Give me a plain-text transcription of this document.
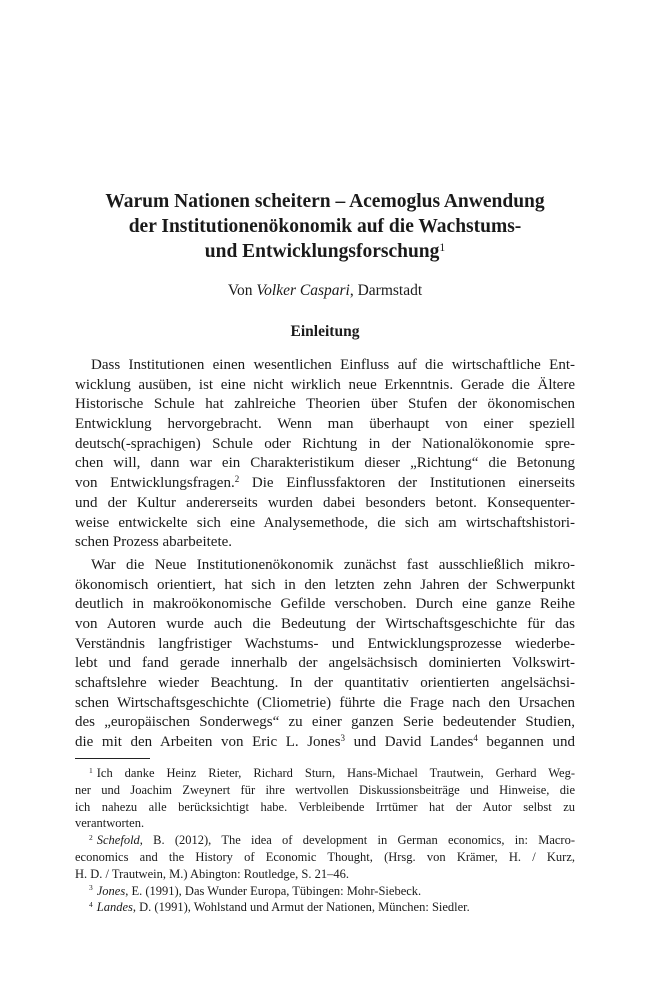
Warum Nationen scheitern – Acemoglus Anwendung
der Institutionenökonomik auf die Wachstums-
und Entwicklungsforschung$^1$
Von Volker Caspari, Darmstadt
Einleitung
Dass Institutionen einen wesentlichen Einfluss auf die wirtschaftliche Ent-
wicklung ausüben, ist eine nicht wirklich neue Erkenntnis. Gerade die Ältere
Historische Schule hat zahlreiche Theorien über Stufen der ökonomischen
Entwicklung hervorgebracht. Wenn man überhaupt von einer speziell
deutsch(-sprachigen) Schule oder Richtung in der Nationalökonomie spre-
chen will, dann war ein Charakteristikum dieser „Richtung“ die Betonung
von Entwicklungsfragen.$^2$ Die Einflussfaktoren der Institutionen einerseits
und der Kultur andererseits wurden dabei besonders betont. Konsequenter-
weise entwickelte sich eine Analysemethode, die sich am wirtschaftshistori-
schen Prozess abarbeitete.
War die Neue Institutionenökonomik zunächst fast ausschließlich mikro-
ökonomisch orientiert, hat sich in den letzten zehn Jahren der Schwerpunkt
deutlich in makroökonomische Gefilde verschoben. Durch eine ganze Reihe
von Autoren wurde auch die Bedeutung der Wirtschaftsgeschichte für das
Verständnis langfristiger Wachstums- und Entwicklungsprozesse wiederbe-
lebt und fand gerade innerhalb der angelsächsisch dominierten Volkswirt-
schaftslehre wieder Beachtung. In der quantitativ orientierten angelsächsi-
schen Wirtschaftsgeschichte (Cliometrie) führte die Frage nach den Ursachen
des „europäischen Sonderwegs“ zu einer ganzen Serie bedeutender Studien,
die mit den Arbeiten von Eric L. Jones$^3$ und David Landes$^4$ begannen und
$^1$ Ich danke Heinz Rieter, Richard Sturn, Hans-Michael Trautwein, Gerhard Weg-
ner und Joachim Zweynert für ihre wertvollen Diskussionsbeiträge und Hinweise, die
ich nahezu alle berücksichtigt habe. Verbleibende Irrtümer hat der Autor selbst zu
verantworten.
$^2$ Schefold, B. (2012), The idea of development in German economics, in: Macro-
economics and the History of Economic Thought, (Hrsg. von Krämer, H. / Kurz,
H. D. / Trautwein, M.) Abington: Routledge, S. 21–46.
$^3$ Jones, E. (1991), Das Wunder Europa, Tübingen: Mohr-Siebeck.
$^4$ Landes, D. (1991), Wohlstand und Armut der Nationen, München: Siedler.
